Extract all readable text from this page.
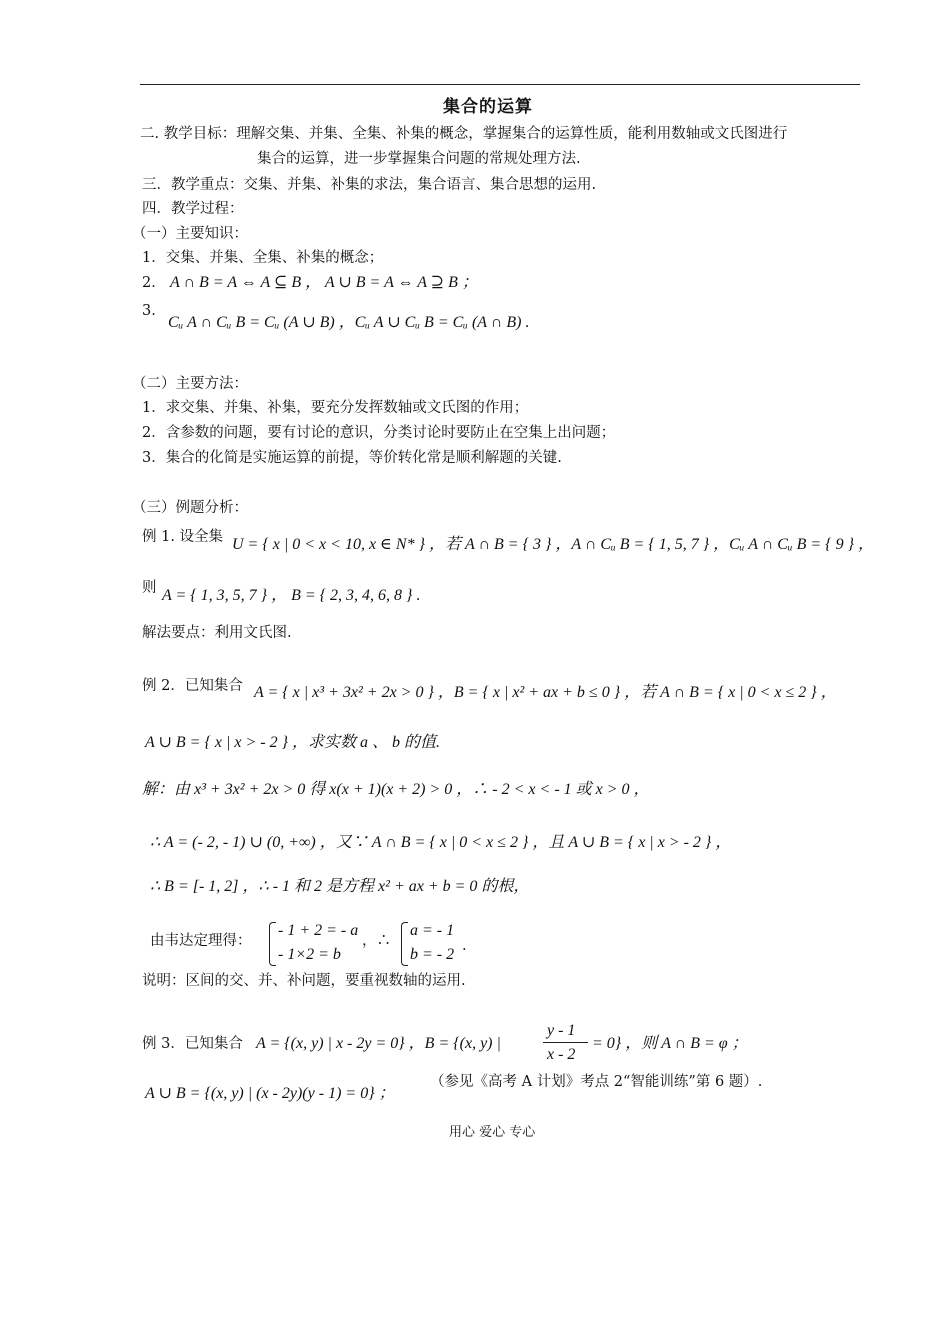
集合的运算
二. 教学目标：理解交集、并集、全集、补集的概念，掌握集合的运算性质，能利用数轴或文氏图进行
集合的运算，进一步掌握集合问题的常规处理方法.
三．教学重点：交集、并集、补集的求法，集合语言、集合思想的运用.
四．教学过程：
（一）主要知识：
1．交集、并集、全集、补集的概念；
2． A ∩ B = A ⇔ A ⊆ B ， A ∪ B = A ⇔ A ⊇ B ；
3.
Cᵤ A ∩ Cᵤ B = Cᵤ (A ∪ B) ，Cᵤ A ∪ Cᵤ B = Cᵤ (A ∩ B) .
（二）主要方法：
1．求交集、并集、补集，要充分发挥数轴或文氏图的作用；
2．含参数的问题，要有讨论的意识，分类讨论时要防止在空集上出问题；
3．集合的化简是实施运算的前提，等价转化常是顺利解题的关键.
（三）例题分析：
例 1. 设全集 U = { x | 0 < x < 10, x ∈ N* } ，若 A ∩ B = { 3 } ，A ∩ Cᵤ B = { 1, 5, 7 } ，Cᵤ A ∩ Cᵤ B = { 9 } ，
则 A = { 1, 3, 5, 7 } ， B = { 2, 3, 4, 6, 8 } .
解法要点：利用文氏图.
例 2．已知集合 A = { x | x³ + 3x² + 2x > 0 } ，B = { x | x² + ax + b ≤ 0 } ，若 A ∩ B = { x | 0 < x ≤ 2 } ，
A ∪ B = { x | x > - 2 } ，求实数 a 、 b 的值.
解：由 x³ + 3x² + 2x > 0 得 x(x + 1)(x + 2) > 0 ，∴ - 2 < x < - 1 或 x > 0 ，
∴ A = (- 2, - 1) ∪ (0, +∞) ，又∵ A ∩ B = { x | 0 < x ≤ 2 } ，且 A ∪ B = { x | x > - 2 } ，
∴ B = [- 1, 2] ，∴ - 1 和 2 是方程 x² + ax + b = 0 的根，
由韦达定理得：
- 1 + 2 = - a
- 1×2 = b
，∴
a = - 1
b = - 2 .
说明：区间的交、并、补问题，要重视数轴的运用.
例 3．已知集合 A = {(x, y) | x - 2y = 0} ，B = {(x, y) |
y - 1
x - 2
= 0} ，则 A ∩ B = φ ；
A ∪ B = {(x, y) | (x - 2y)(y - 1) = 0} ；
（参见《高考 A 计划》考点 2“智能训练”第 6 题）.
用心 爱心 专心
